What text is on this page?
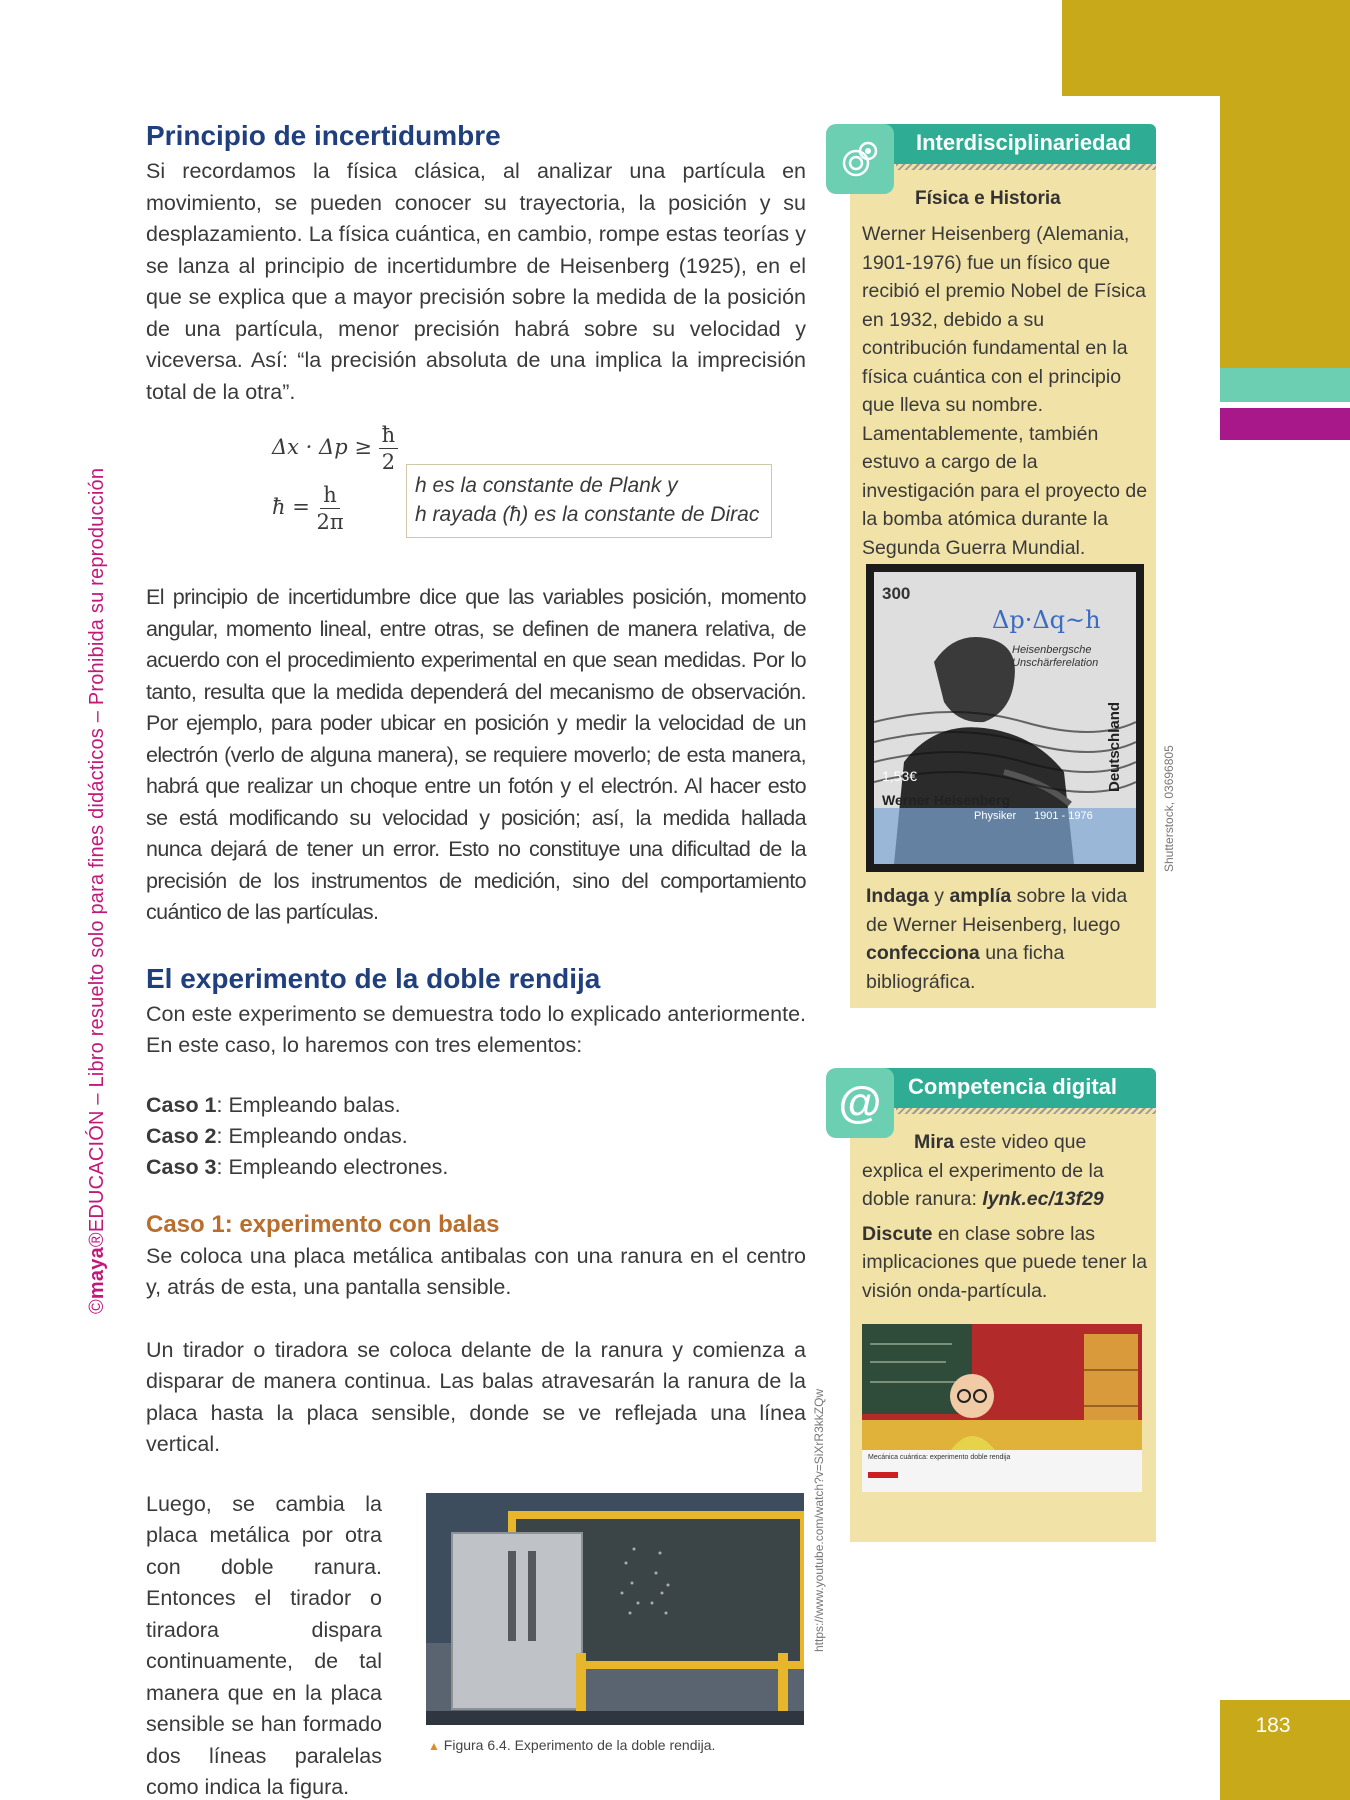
183
©maya®EDUCACIÓN – Libro resuelto solo para fines didácticos – Prohibida su reproducción	Shutterstock, 03696805
https://www.youtube.com/watch?v=SiXrR3kkZQw
Principio de incertidumbre

Si recordamos la física clásica, al analizar una partícula en movimiento, se pueden conocer su trayectoria, la posición y su desplazamiento. La física cuántica, en cambio, rompe estas teorías y se lanza al principio de incertidumbre de Heisenberg (1925), en el que se explica que a mayor precisión sobre la medida de la posición de una partícula, menor precisión habrá sobre su velocidad y viceversa. Así: “la precisión absoluta de una implica la imprecisión total de la otra”.

$\Delta x \cdot \Delta p \ge \frac{ħ}{2}$
ħ = $\frac{h}{2\pi}$	h es la constante de Plank y
h rayada (ħ) es la constante de Dirac

El principio de incertidumbre dice que las variables posición, momento angular, momento lineal, entre otras, se definen de manera relativa, de acuerdo con el procedimiento experimental en que sean medidas. Por lo tanto, resulta que la medida dependerá del mecanismo de observación. Por ejemplo, para poder ubicar en posición y medir la velocidad de un electrón (verlo de alguna manera), se requiere moverlo; de esta manera, habrá que realizar un choque entre un fotón y el electrón. Al hacer esto se está modificando su velocidad y posición; así, la medida hallada nunca dejará de tener un error. Esto no constituye una dificultad de la precisión de los instrumentos de medición, sino del comportamiento cuántico de las partículas.

El experimento de la doble rendija

Con este experimento se demuestra todo lo explicado anteriormente. En este caso, lo haremos con tres elementos:

Caso 1: Empleando balas.

Caso 2: Empleando ondas.

Caso 3: Empleando electrones.

Caso 1: experimento con balas

Se coloca una placa metálica antibalas con una ranura en el centro y, atrás de esta, una pantalla sensible.

Un tirador o tiradora se coloca delante de la ranura y comienza a disparar de manera continua. Las balas atravesarán la ranura de la placa hasta la placa sensible, donde se ve reflejada una línea vertical.

Luego, se cambia la placa metálica por otra con doble ranura. Entonces el tirador o tiradora dispara continuamente, de tal manera que en la placa sensible se han formado dos líneas paralelas como indica la figura.

▲ Figura 6.4. Experimento de la doble rendija.
Interdisciplinariedad
Física e Historia
Werner Heisenberg (Alemania, 1901-1976) fue un físico que recibió el premio Nobel de Física en 1932, debido a su contribución fundamental en la física cuántica con el principio que lleva su nombre. Lamentablemente, también estuvo a cargo de la investigación para el proyecto de la bomba atómica durante la Segunda Guerra Mundial.
300
Δp·Δq~h
Heisenbergsche
Unschärferelation
Deutschland
1,53€
Werner Heisenberg
Physiker 1901 - 1976
Indaga y amplía sobre la vida de Werner Heisenberg, luego confecciona una ficha bibliográfica.
Competencia digital
@
Mira este video que explica el experimento de la doble ranura: lynk.ec/13f29
Discute en clase sobre las implicaciones que puede tener la visión onda-partícula.
Mecánica cuántica: experimento doble rendija
